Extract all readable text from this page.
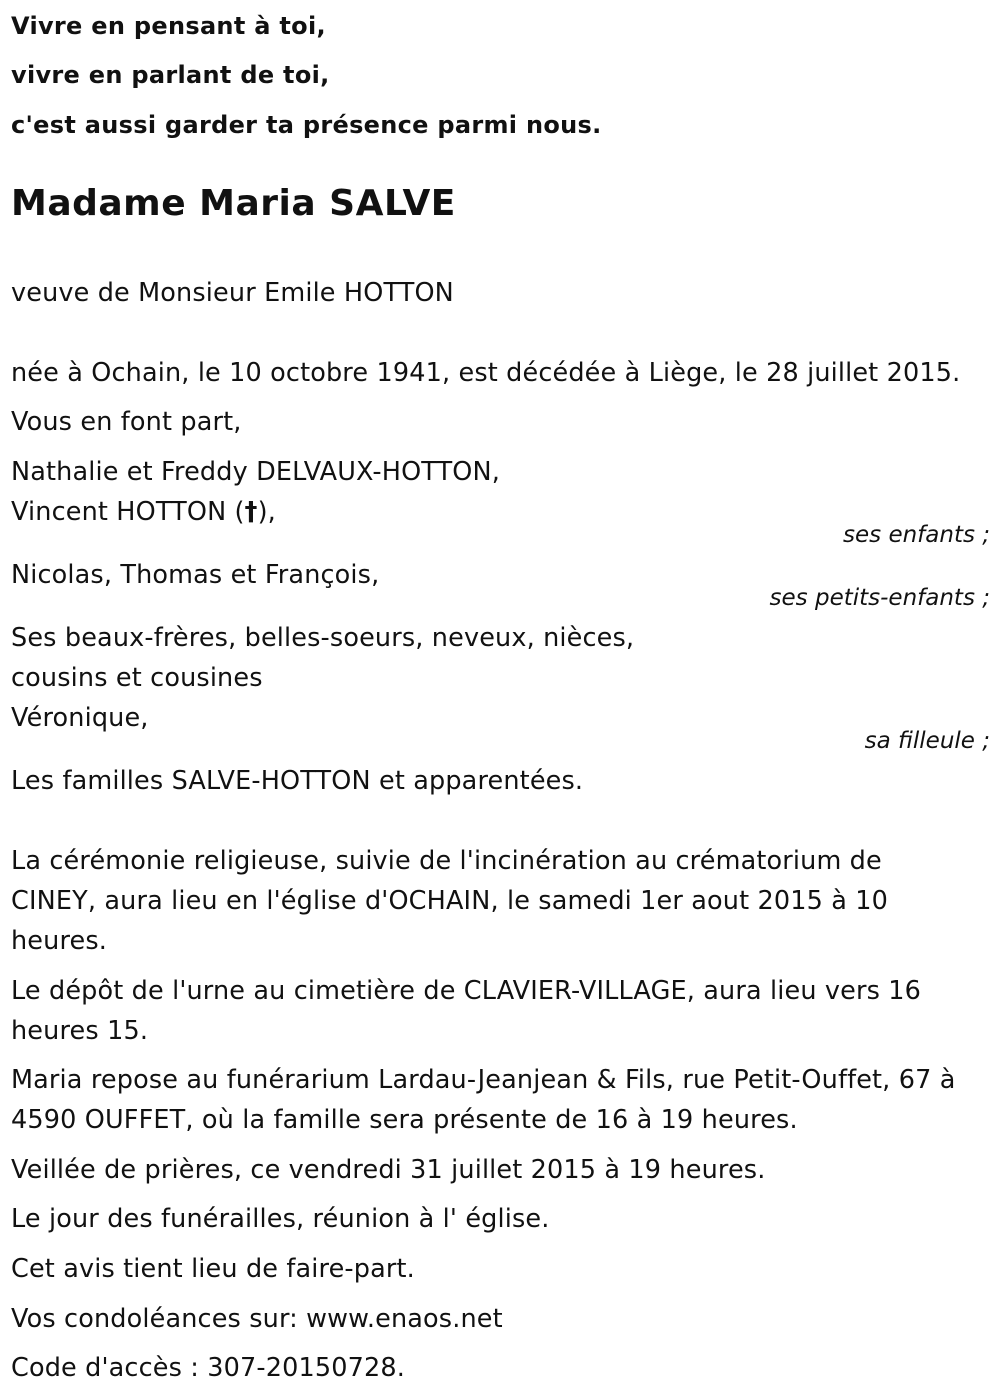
Vivre en pensant à toi,

vivre en parlant de toi,

c'est aussi garder ta présence parmi nous.

Madame Maria SALVE

veuve de Monsieur Emile HOTTON

née à Ochain, le 10 octobre 1941, est décédée à Liège, le 28 juillet 2015.

Vous en font part,

Nathalie et Freddy DELVAUX-HOTTON,

Vincent HOTTON (†),

ses enfants ;

Nicolas, Thomas et François,

ses petits-enfants ;

Ses beaux-frères, belles-soeurs, neveux, nièces,

cousins et cousines

Véronique,

sa filleule ;

Les familles SALVE-HOTTON et apparentées.

La cérémonie religieuse, suivie de l'incinération au crématorium de

CINEY, aura lieu en l'église d'OCHAIN, le samedi 1er aout 2015 à 10

heures.

Le dépôt de l'urne au cimetière de CLAVIER-VILLAGE, aura lieu vers 16

heures 15.

Maria repose au funérarium Lardau-Jeanjean & Fils, rue Petit-Ouffet, 67 à

4590 OUFFET, où la famille sera présente de 16 à 19 heures.

Veillée de prières, ce vendredi 31 juillet 2015 à 19 heures.

Le jour des funérailles, réunion à l' église.

Cet avis tient lieu de faire-part.

Vos condoléances sur: www.enaos.net

Code d'accès : 307-20150728.
